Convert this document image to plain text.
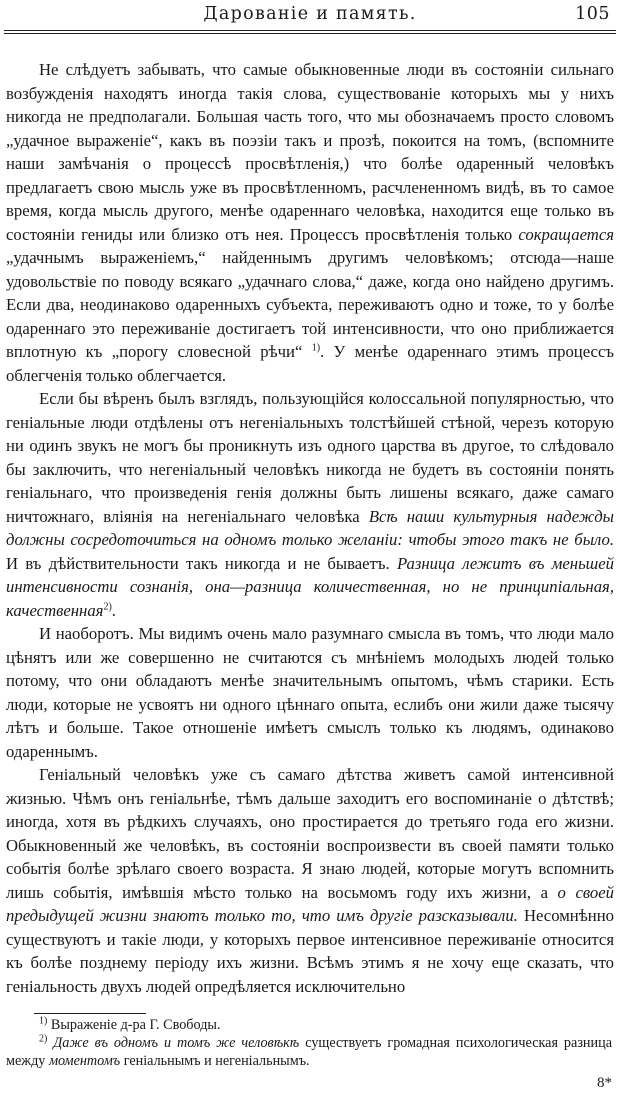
Дарованіе и память.	105

Не слѣдуетъ забывать, что самые обыкновенные люди въ состояніи сильнаго возбужденія находятъ иногда такія слова, существованіе которыхъ мы у нихъ никогда не предполагали. Большая часть того, что мы обозначаемъ просто словомъ „удачное выраженіе“, какъ въ поэзіи такъ и прозѣ, покоится на томъ, (вспомните наши замѣчанія о процессѣ просвѣтленія,) что болѣе одаренный человѣкъ предлагаетъ свою мысль уже въ просвѣтленномъ, расчлененномъ видѣ, въ то самое время, когда мысль другого, менѣе одареннаго человѣка, находится еще только въ состояніи гениды или близко отъ нея. Процессъ просвѣтленія только сокращается „удачнымъ выраженіемъ,“ найденнымъ другимъ человѣкомъ; отсюда—наше удовольствіе по поводу всякаго „удачнаго слова,“ даже, когда оно найдено другимъ. Если два, неодинаково одаренныхъ субъекта, переживаютъ одно и тоже, то у болѣе одареннаго это переживаніе достигаетъ той интенсивности, что оно приближается вплотную къ „порогу словесной рѣчи“ $^{1)}$. У менѣе одареннаго этимъ процессъ облегченія только облегчается.

Если бы вѣренъ былъ взглядъ, пользующійся колоссальной популярностью, что геніальные люди отдѣлены отъ негеніальныхъ толстѣйшей стѣной, черезъ которую ни одинъ звукъ не могъ бы проникнуть изъ одного царства въ другое, то слѣдовало бы заключить, что негеніальный человѣкъ никогда не будетъ въ состояніи понять геніальнаго, что произведенія генія должны быть лишены всякаго, даже самаго ничтожнаго, вліянія на негеніальнаго человѣка Всѣ наши культурныя надежды должны сосредоточиться на одномъ только желаніи: чтобы этого такъ не было. И въ дѣйствительности такъ никогда и не бываетъ. Разница лежитъ въ меньшей интенсивности сознанія, она—разница количественная, но не принципіальная, качественная$^{2)}$.

И наоборотъ. Мы видимъ очень мало разумнаго смысла въ томъ, что люди мало цѣнятъ или же совершенно не считаются съ мнѣніемъ молодыхъ людей только потому, что они обладаютъ менѣе значительнымъ опытомъ, чѣмъ старики. Есть люди, которые не усвоятъ ни одного цѣннаго опыта, еслибъ они жили даже тысячу лѣтъ и больше. Такое отношеніе имѣетъ смыслъ только къ людямъ, одинаково одареннымъ.

Геніальный человѣкъ уже съ самаго дѣтства живетъ самой интенсивной жизнью. Чѣмъ онъ геніальнѣе, тѣмъ дальше заходитъ его воспоминаніе о дѣтствѣ; иногда, хотя въ рѣдкихъ случаяхъ, оно простирается до третьяго года его жизни. Обыкновенный же человѣкъ, въ состояніи воспроизвести въ своей памяти только событія болѣе зрѣлаго своего возраста. Я знаю людей, которые могутъ вспомнить лишь событія, имѣвшія мѣсто только на восьмомъ году ихъ жизни, а о своей предыдущей жизни знаютъ только то, что имъ другіе разсказывали. Несомнѣнно существуютъ и такіе люди, у которыхъ первое интенсивное переживаніе относится къ болѣе позднему періоду ихъ жизни. Всѣмъ этимъ я не хочу еще сказать, что геніальность двухъ людей опредѣляется исключительно

$^{1)}$ Выраженіе д-ра Г. Свободы.

$^{2)}$ Даже въ одномъ и томъ же человѣкѣ существуетъ громадная психологическая разница между моментомъ геніальнымъ и негеніальнымъ.

8*
